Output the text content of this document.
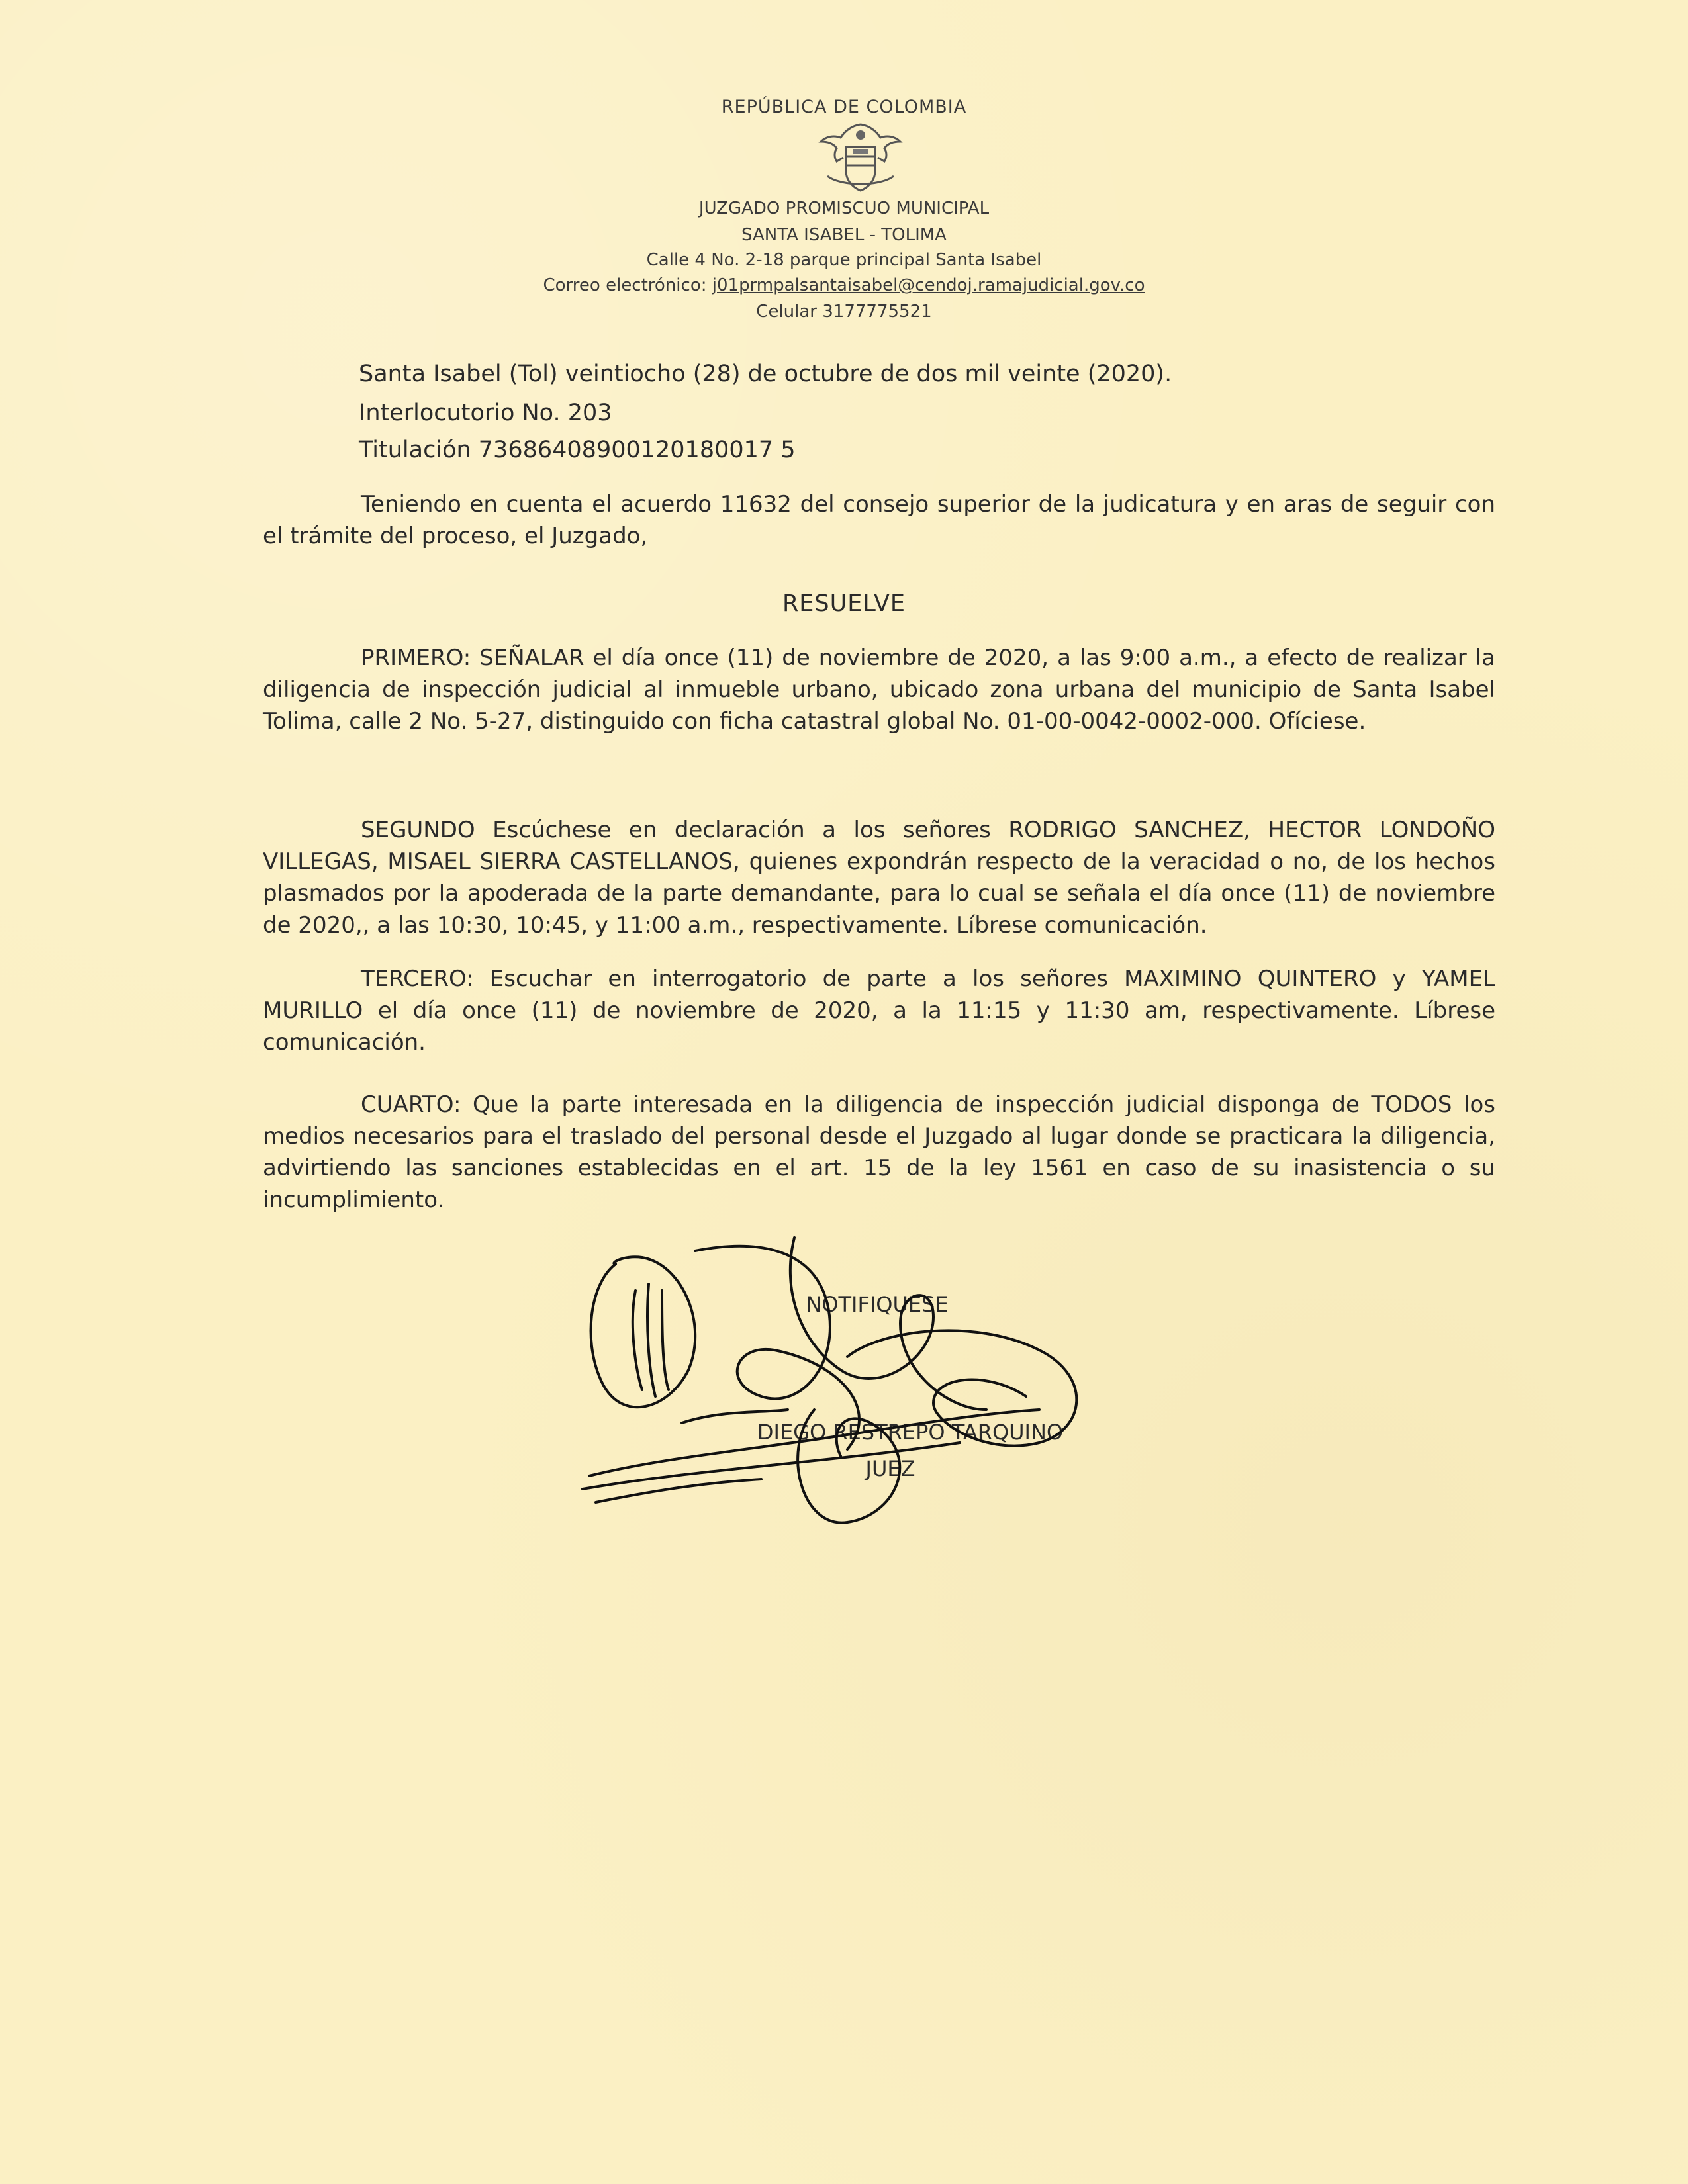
REPÚBLICA DE COLOMBIA
JUZGADO PROMISCUO MUNICIPAL
SANTA ISABEL - TOLIMA
Calle 4 No. 2-18 parque principal Santa Isabel
Correo electrónico: j01prmpalsantaisabel@cendoj.ramajudicial.gov.co
Celular 3177775521
Santa Isabel (Tol) veintiocho (28) de octubre de dos mil veinte (2020).
Interlocutorio No. 203
Titulación 73686408900120180017 5
Teniendo en cuenta el acuerdo 11632 del consejo superior de la judicatura y en aras de seguir con el trámite del proceso, el Juzgado,
RESUELVE
PRIMERO: SEÑALAR el día once (11) de noviembre de 2020, a las 9:00 a.m., a efecto de realizar la diligencia de inspección judicial al inmueble urbano, ubicado zona urbana del municipio de Santa Isabel Tolima, calle 2 No. 5-27, distinguido con ficha catastral global No. 01-00-0042-0002-000. Ofíciese.
SEGUNDO Escúchese en declaración a los señores RODRIGO SANCHEZ, HECTOR LONDOÑO VILLEGAS, MISAEL SIERRA CASTELLANOS, quienes expondrán respecto de la veracidad o no, de los hechos plasmados por la apoderada de la parte demandante, para lo cual se señala el día once (11) de noviembre de 2020,, a las 10:30, 10:45, y 11:00 a.m., respectivamente. Líbrese comunicación.
TERCERO: Escuchar en interrogatorio de parte a los señores MAXIMINO QUINTERO y YAMEL MURILLO el día once (11) de noviembre de 2020, a la 11:15 y 11:30 am, respectivamente. Líbrese comunicación.
CUARTO: Que la parte interesada en la diligencia de inspección judicial disponga de TODOS los medios necesarios para el traslado del personal desde el Juzgado al lugar donde se practicara la diligencia, advirtiendo las sanciones establecidas en el art. 15 de la ley 1561 en caso de su inasistencia o su incumplimiento.
NOTIFIQUESE
DIEGO RESTREPO TARQUINO
JUEZ
